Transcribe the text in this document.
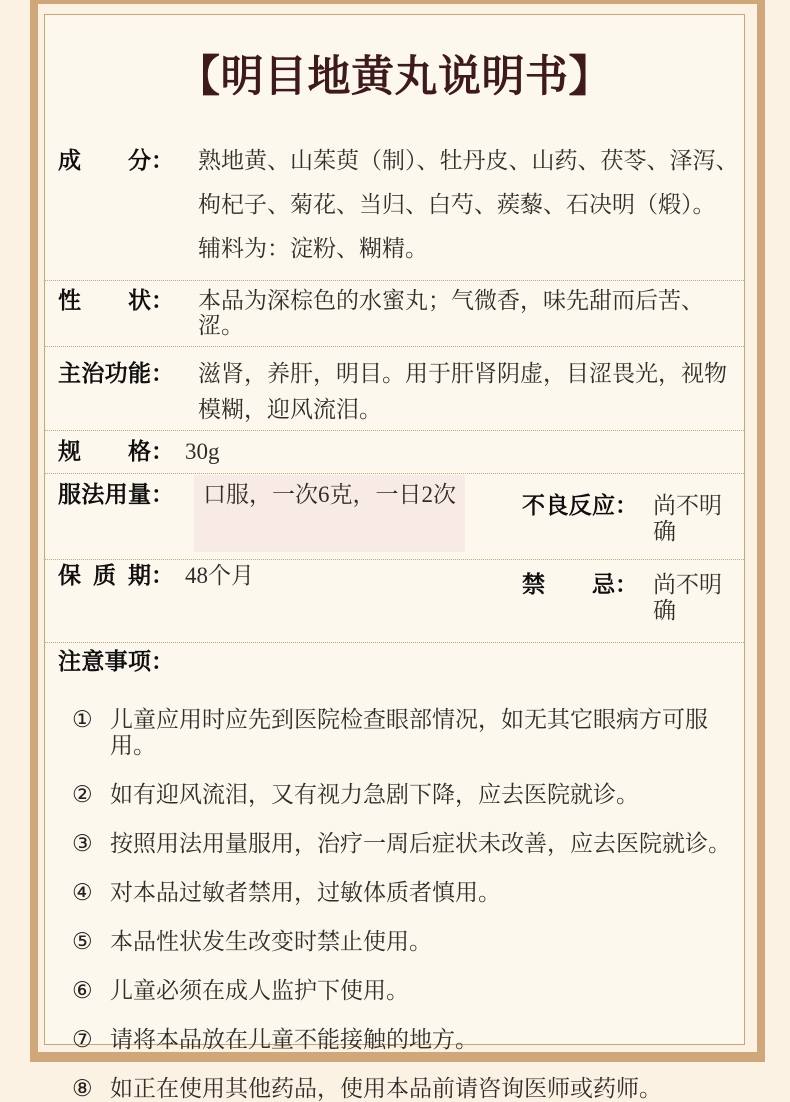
【明目地黄丸说明书】
成分： 熟地黄、山茱萸（制）、牡丹皮、山药、茯苓、泽泻、
枸杞子、菊花、当归、白芍、蒺藜、石决明（煅）。
辅料为：淀粉、糊精。
性状： 本品为深棕色的水蜜丸；气微香，味先甜而后苦、涩。
主治功能： 滋肾，养肝，明目。用于肝肾阴虚，目涩畏光，视物
模糊，迎风流泪。
规格： 30g
服法用量：	口服，一次6克，一日2次	不良反应： 尚不明确
保质期： 48个月	禁忌： 尚不明确
注意事项：
① 儿童应用时应先到医院检查眼部情况，如无其它眼病方可服用。
② 如有迎风流泪，又有视力急剧下降，应去医院就诊。
③ 按照用法用量服用，治疗一周后症状未改善，应去医院就诊。
④ 对本品过敏者禁用，过敏体质者慎用。
⑤ 本品性状发生改变时禁止使用。
⑥ 儿童必须在成人监护下使用。
⑦ 请将本品放在儿童不能接触的地方。
⑧ 如正在使用其他药品，使用本品前请咨询医师或药师。
